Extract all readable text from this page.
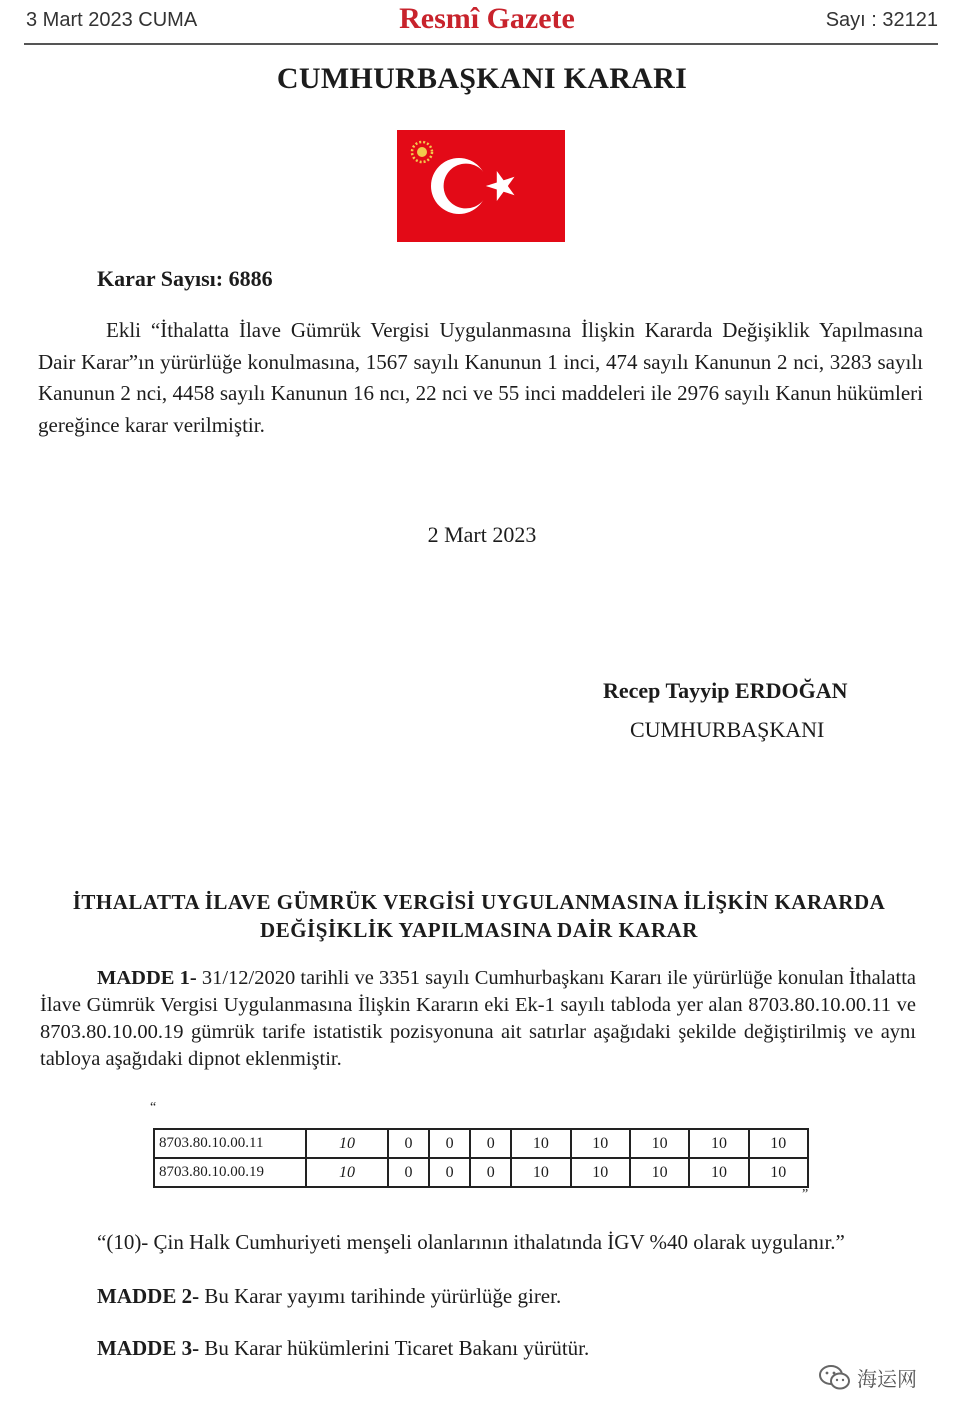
3 Mart 2023 CUMA	Resmî Gazete	Sayı : 32121
CUMHURBAŞKANI KARARI
Karar Sayısı: 6886
Ekli “İthalatta İlave Gümrük Vergisi Uygulanmasına İlişkin Kararda Değişiklik Yapılmasına Dair Karar”ın yürürlüğe konulmasına, 1567 sayılı Kanunun 1 inci, 474 sayılı Kanunun 2 nci, 3283 sayılı Kanunun 2 nci, 4458 sayılı Kanunun 16 ncı, 22 nci ve 55 inci maddeleri ile 2976 sayılı Kanun hükümleri gereğince karar verilmiştir.
2 Mart 2023
Recep Tayyip ERDOĞAN
CUMHURBAŞKANI
İTHALATTA İLAVE GÜMRÜK VERGİSİ UYGULANMASINA İLİŞKİN KARARDA
DEĞİŞİKLİK YAPILMASINA DAİR KARAR
MADDE 1- 31/12/2020 tarihli ve 3351 sayılı Cumhurbaşkanı Kararı ile yürürlüğe konulan İthalatta İlave Gümrük Vergisi Uygulanmasına İlişkin Kararın eki Ek-1 sayılı tabloda yer alan 8703.80.10.00.11 ve 8703.80.10.00.19 gümrük tarife istatistik pozisyonuna ait satırlar aşağıdaki şekilde değiştirilmiş ve aynı tabloya aşağıdaki dipnot eklenmiştir.
“
8703.80.10.00.11	10	0	0	0	10	10	10	10	10
8703.80.10.00.19	10	0	0	0	10	10	10	10	10
”
“(10)- Çin Halk Cumhuriyeti menşeli olanlarının ithalatında İGV %40 olarak uygulanır.”
MADDE 2- Bu Karar yayımı tarihinde yürürlüğe girer.
MADDE 3- Bu Karar hükümlerini Ticaret Bakanı yürütür.
海运网
